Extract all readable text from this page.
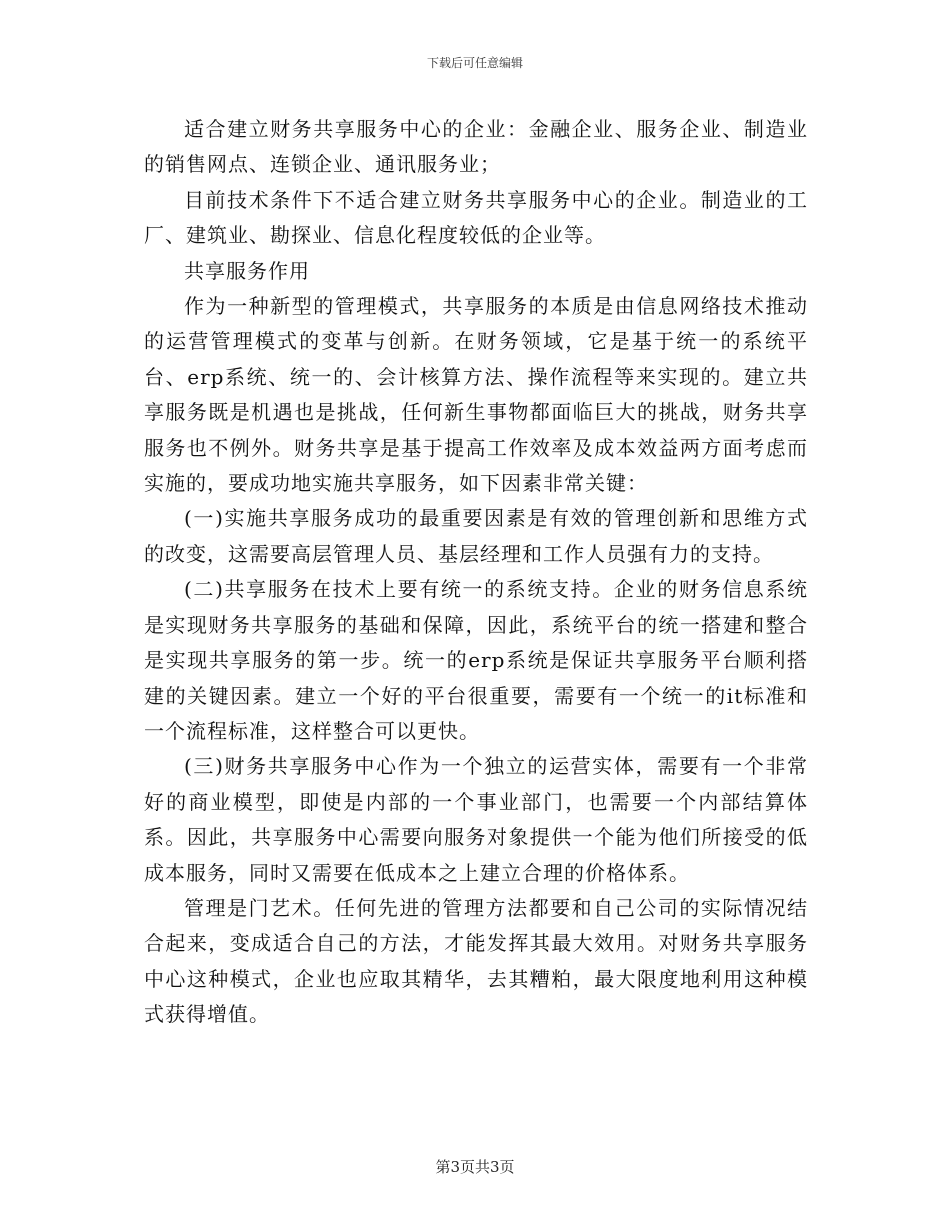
下载后可任意编辑

适合建立财务共享服务中心的企业：金融企业、服务企业、制造业的销售网点、连锁企业、通讯服务业；

目前技术条件下不适合建立财务共享服务中心的企业。制造业的工厂、建筑业、勘探业、信息化程度较低的企业等。

共享服务作用

作为一种新型的管理模式，共享服务的本质是由信息网络技术推动的运营管理模式的变革与创新。在财务领域，它是基于统一的系统平台、erp系统、统一的、会计核算方法、操作流程等来实现的。建立共享服务既是机遇也是挑战，任何新生事物都面临巨大的挑战，财务共享服务也不例外。财务共享是基于提高工作效率及成本效益两方面考虑而实施的，要成功地实施共享服务，如下因素非常关键：

(一)实施共享服务成功的最重要因素是有效的管理创新和思维方式的改变，这需要高层管理人员、基层经理和工作人员强有力的支持。

(二)共享服务在技术上要有统一的系统支持。企业的财务信息系统是实现财务共享服务的基础和保障，因此，系统平台的统一搭建和整合是实现共享服务的第一步。统一的erp系统是保证共享服务平台顺利搭建的关键因素。建立一个好的平台很重要，需要有一个统一的it标准和一个流程标准，这样整合可以更快。

(三)财务共享服务中心作为一个独立的运营实体，需要有一个非常好的商业模型，即使是内部的一个事业部门，也需要一个内部结算体系。因此，共享服务中心需要向服务对象提供一个能为他们所接受的低成本服务，同时又需要在低成本之上建立合理的价格体系。

管理是门艺术。任何先进的管理方法都要和自己公司的实际情况结合起来，变成适合自己的方法，才能发挥其最大效用。对财务共享服务中心这种模式，企业也应取其精华，去其糟粕，最大限度地利用这种模式获得增值。

第3页共3页
